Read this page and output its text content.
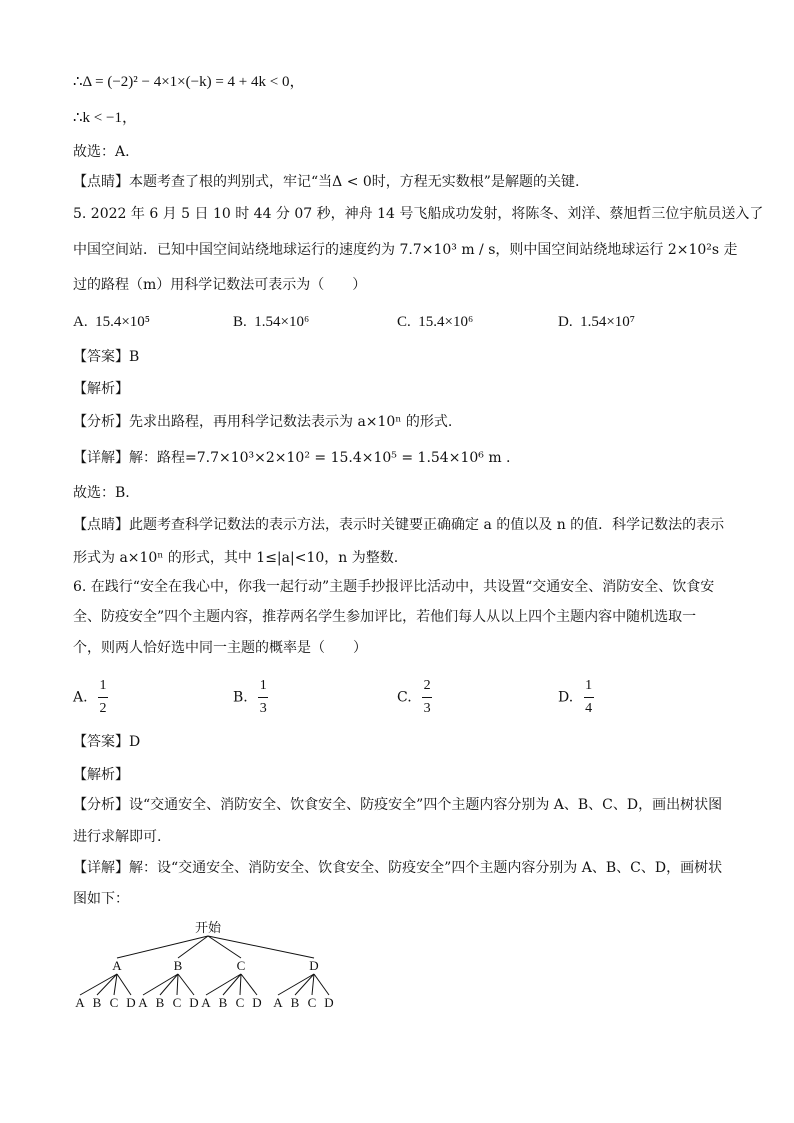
∴Δ = (−2)² − 4×1×(−k) = 4 + 4k < 0，
∴k < −1，
故选：A.
【点睛】本题考查了根的判别式，牢记“当Δ < 0时，方程无实数根”是解题的关键.
5. 2022 年 6 月 5 日 10 时 44 分 07 秒，神舟 14 号飞船成功发射，将陈冬、刘洋、蔡旭哲三位宇航员送入了
中国空间站．已知中国空间站绕地球运行的速度约为 7.7×10³ m / s，则中国空间站绕地球运行 2×10²s 走
过的路程（m）用科学记数法可表示为（　　）
A. 15.4×10⁵	B. 1.54×10⁶	C. 15.4×10⁶	D. 1.54×10⁷
【答案】B
【解析】
【分析】先求出路程，再用科学记数法表示为 a×10ⁿ 的形式.
【详解】解：路程=7.7×10³×2×10² = 15.4×10⁵ = 1.54×10⁶ m .
故选：B.
【点睛】此题考查科学记数法的表示方法，表示时关键要正确确定 a 的值以及 n 的值．科学记数法的表示
形式为 a×10ⁿ 的形式，其中 1≤|a|<10，n 为整数.
6. 在践行“安全在我心中，你我一起行动”主题手抄报评比活动中，共设置“交通安全、消防安全、饮食安
全、防疫安全”四个主题内容，推荐两名学生参加评比，若他们每人从以上四个主题内容中随机选取一
个，则两人恰好选中同一主题的概率是（　　）
A. $\frac{1}{2}$	B. $\frac{1}{3}$	C. $\frac{2}{3}$	D. $\frac{1}{4}$
【答案】D
【解析】
【分析】设“交通安全、消防安全、饮食安全、防疫安全”四个主题内容分别为 A、B、C、D，画出树状图
进行求解即可.
【详解】解：设“交通安全、消防安全、饮食安全、防疫安全”四个主题内容分别为 A、B、C、D，画树状
图如下：
开始
A
A B C D
B
A B C D
C
A B C D
D
A B C D
